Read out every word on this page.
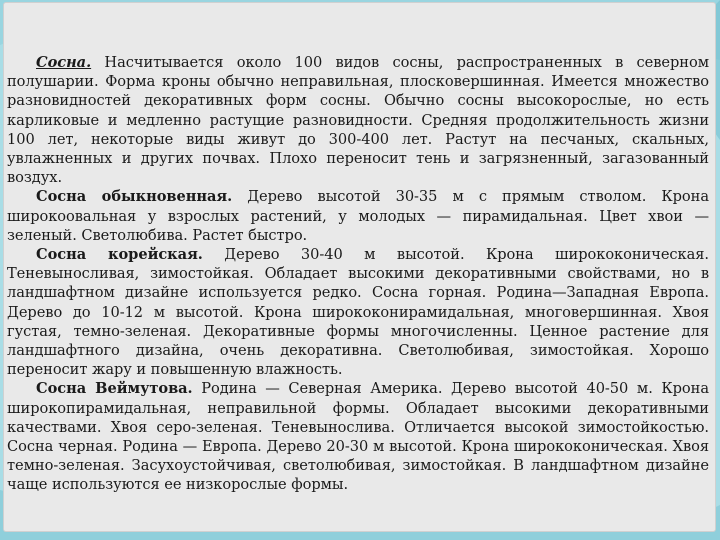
Сосна. Насчитывается около 100 видов сосны, распространенных в северном полушарии. Форма кроны обычно неправильная, плосковершинная. Имеется множество разновидностей декоративных форм сосны. Обычно сосны высокорослые, но есть карликовые и медленно растущие разновидности. Средняя продолжительность жизни 100 лет, некоторые виды живут до 300-400 лет. Растут на песчаных, скальных, увлажненных и других почвах. Плохо переносит тень и загрязненный, загазованный воздух.

Сосна обыкновенная. Дерево высотой 30-35 м с прямым стволом. Крона широкоовальная у взрослых растений, у молодых — пирамидальная. Цвет хвои — зеленый. Светолюбива. Растет быстро.

Сосна корейская. Дерево 30-40 м высотой. Крона ширококоническая. Теневыносливая, зимостойкая. Обладает высокими декоративными свойствами, но в ландшафтном дизайне используется редко. Сосна горная. Родина—Западная Европа. Дерево до 10-12 м высотой. Крона ширококонирамидальная, многовершинная. Хвоя густая, темно-зеленая. Декоративные формы многочисленны. Ценное растение для ландшафтного дизайна, очень декоративна. Светолюбивая, зимостойкая. Хорошо переносит жару и повышенную влажность.

Сосна Веймутова. Родина — Северная Америка. Дерево высотой 40-50 м. Крона широкопирамидальная, неправильной формы. Обладает высокими декоративными качествами. Хвоя серо-зеленая. Теневыносливa. Отличается высокой зимостойкостью. Сосна черная. Родина — Европа. Дерево 20-30 м высотой. Крона ширококоническая. Хвоя темно-зеленая. Засухоустойчивая, светолюбивая, зимостойкая. В ландшафтном дизайне чаще используются ее низкорослые формы.
